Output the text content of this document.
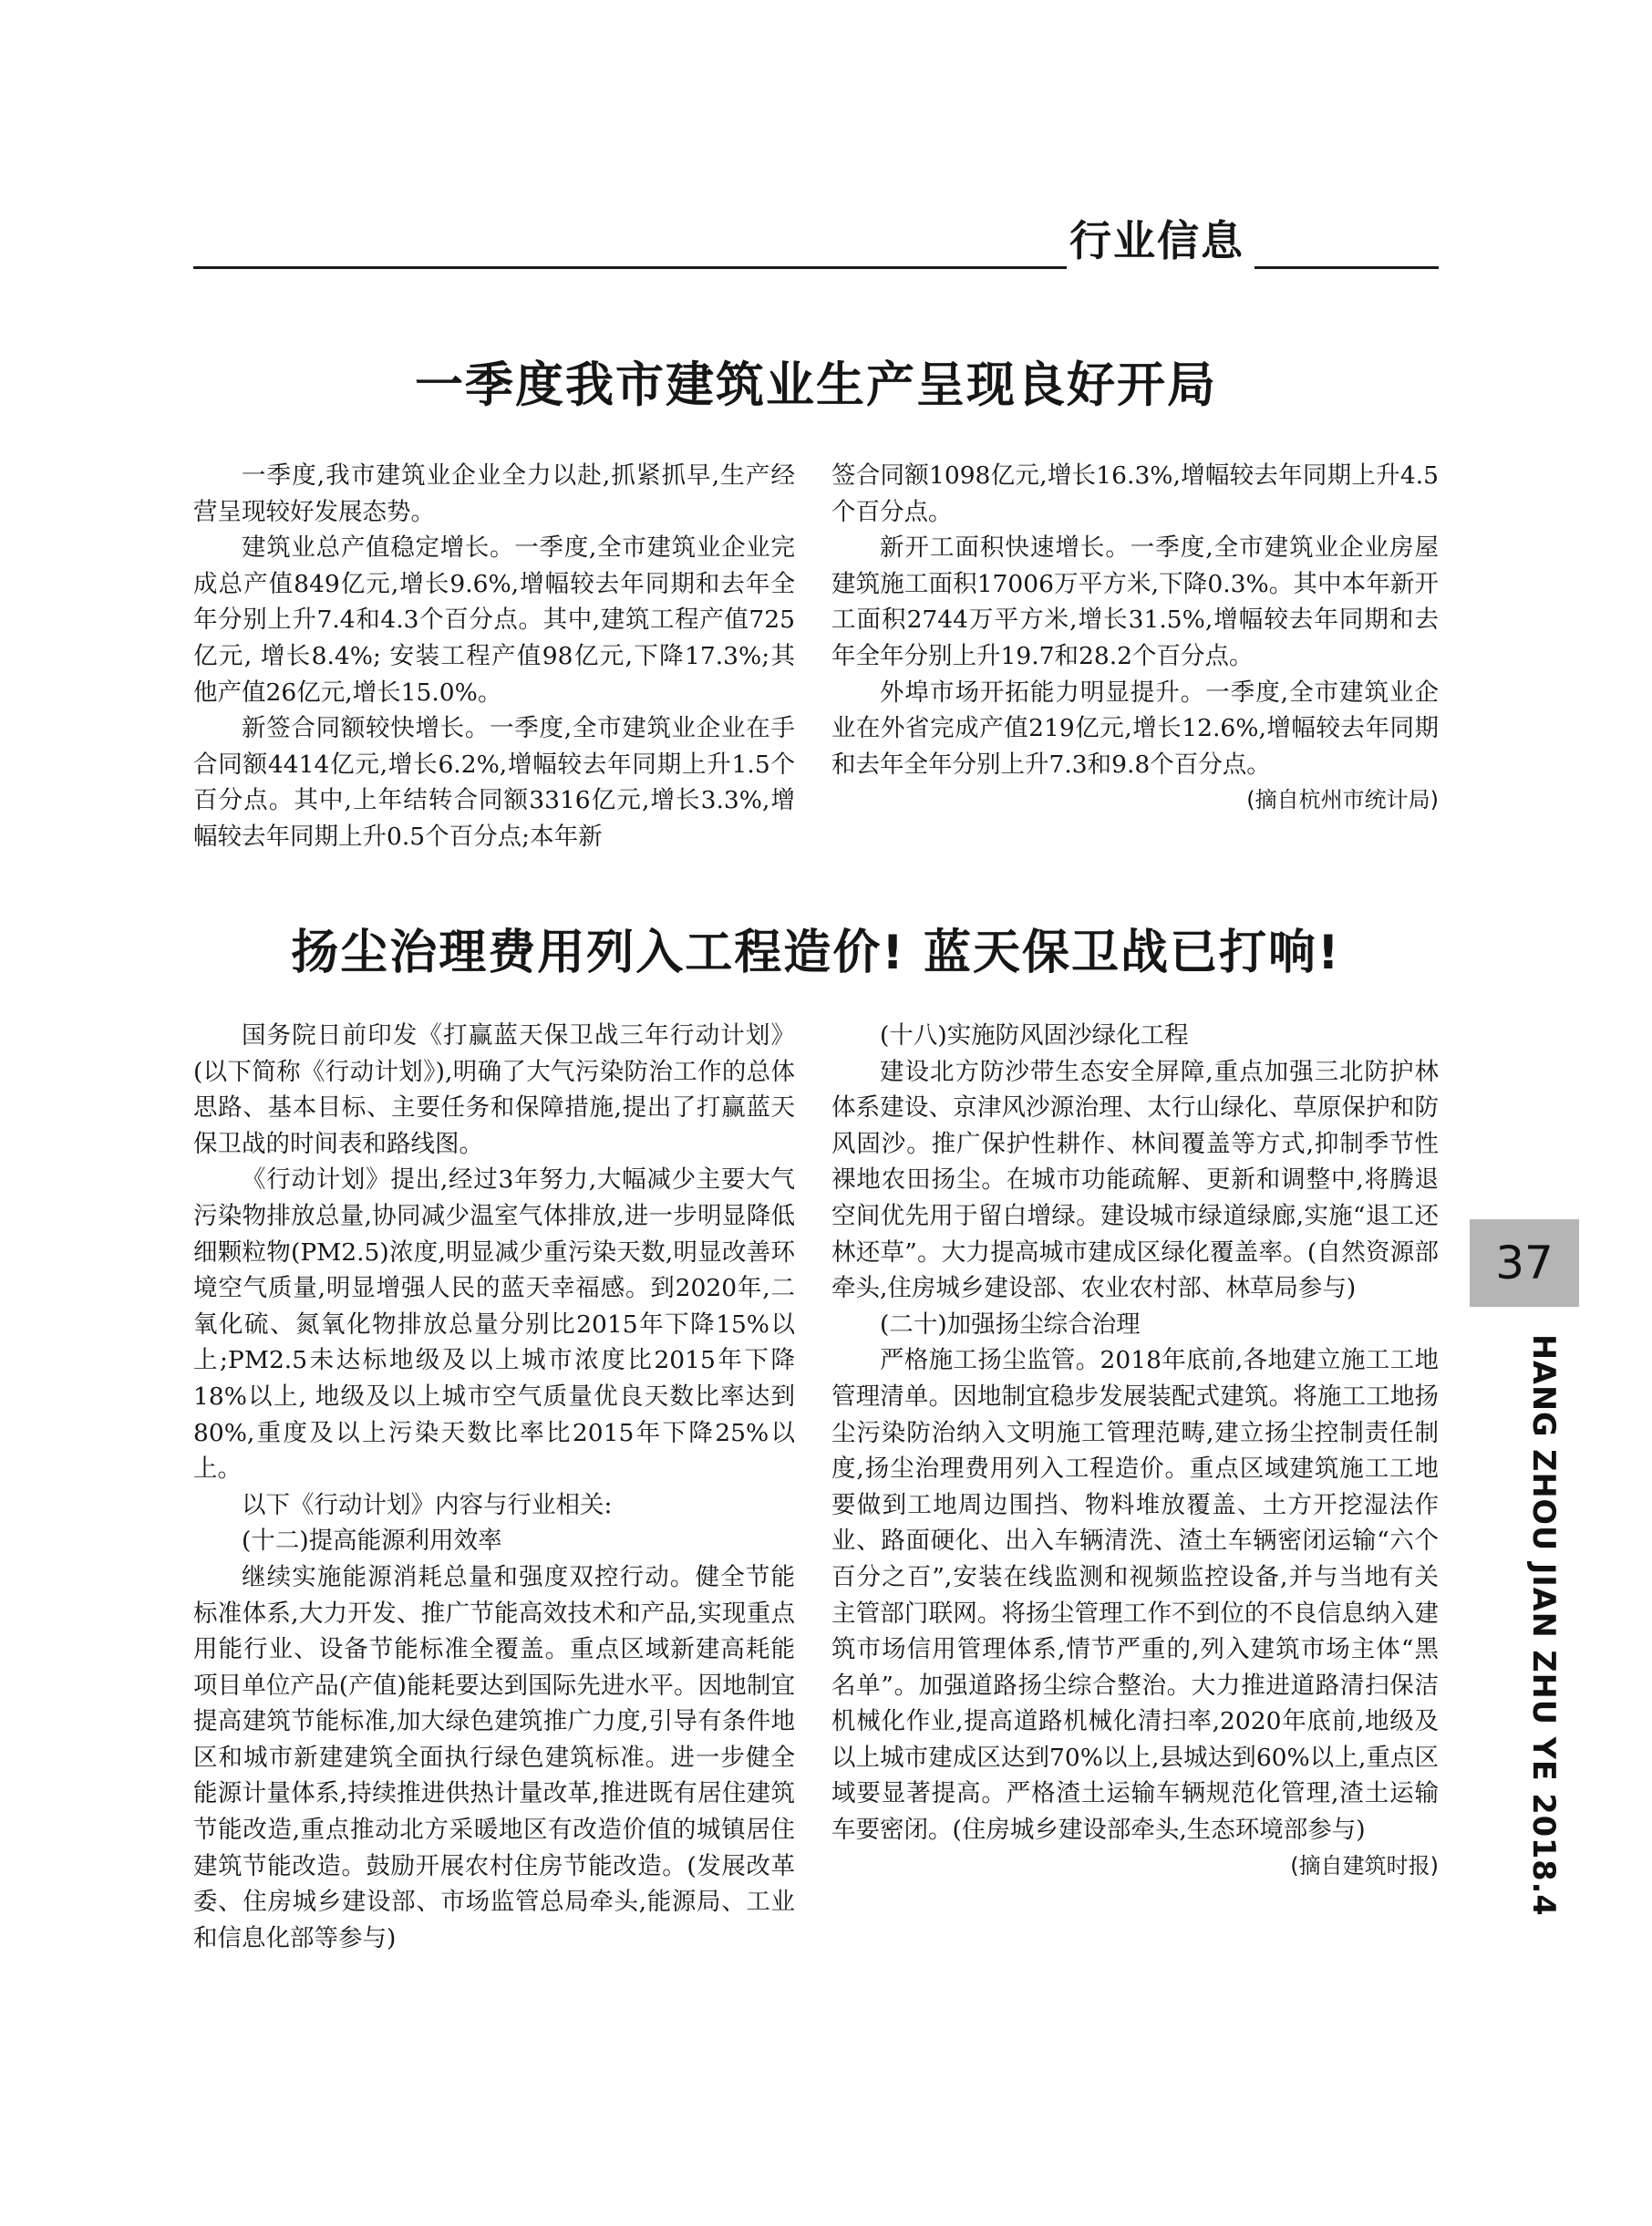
行业信息
一季度我市建筑业生产呈现良好开局

一季度,我市建筑业企业全力以赴,抓紧抓早,生产经营呈现较好发展态势。

建筑业总产值稳定增长。一季度,全市建筑业企业完成总产值849亿元,增长9.6%,增幅较去年同期和去年全年分别上升7.4和4.3个百分点。其中,建筑工程产值725亿元, 增长8.4%; 安装工程产值98亿元,下降17.3%;其他产值26亿元,增长15.0%。

新签合同额较快增长。一季度,全市建筑业企业在手合同额4414亿元,增长6.2%,增幅较去年同期上升1.5个百分点。其中,上年结转合同额3316亿元,增长3.3%,增幅较去年同期上升0.5个百分点;本年新

签合同额1098亿元,增长16.3%,增幅较去年同期上升4.5个百分点。

新开工面积快速增长。一季度,全市建筑业企业房屋建筑施工面积17006万平方米,下降0.3%。其中本年新开工面积2744万平方米,增长31.5%,增幅较去年同期和去年全年分别上升19.7和28.2个百分点。

外埠市场开拓能力明显提升。一季度,全市建筑业企业在外省完成产值219亿元,增长12.6%,增幅较去年同期和去年全年分别上升7.3和9.8个百分点。

(摘自杭州市统计局)

扬尘治理费用列入工程造价! 蓝天保卫战已打响!

国务院日前印发《打赢蓝天保卫战三年行动计划》(以下简称《行动计划》),明确了大气污染防治工作的总体思路、基本目标、主要任务和保障措施,提出了打赢蓝天保卫战的时间表和路线图。

《行动计划》提出,经过3年努力,大幅减少主要大气污染物排放总量,协同减少温室气体排放,进一步明显降低细颗粒物(PM2.5)浓度,明显减少重污染天数,明显改善环境空气质量,明显增强人民的蓝天幸福感。到2020年,二氧化硫、氮氧化物排放总量分别比2015年下降15%以上;PM2.5未达标地级及以上城市浓度比2015年下降18%以上, 地级及以上城市空气质量优良天数比率达到80%,重度及以上污染天数比率比2015年下降25%以上。

以下《行动计划》内容与行业相关:

(十二)提高能源利用效率

继续实施能源消耗总量和强度双控行动。健全节能标准体系,大力开发、推广节能高效技术和产品,实现重点用能行业、设备节能标准全覆盖。重点区域新建高耗能项目单位产品(产值)能耗要达到国际先进水平。因地制宜提高建筑节能标准,加大绿色建筑推广力度,引导有条件地区和城市新建建筑全面执行绿色建筑标准。进一步健全能源计量体系,持续推进供热计量改革,推进既有居住建筑节能改造,重点推动北方采暖地区有改造价值的城镇居住建筑节能改造。鼓励开展农村住房节能改造。(发展改革委、住房城乡建设部、市场监管总局牵头,能源局、工业和信息化部等参与)

(十八)实施防风固沙绿化工程

建设北方防沙带生态安全屏障,重点加强三北防护林体系建设、京津风沙源治理、太行山绿化、草原保护和防风固沙。推广保护性耕作、林间覆盖等方式,抑制季节性裸地农田扬尘。在城市功能疏解、更新和调整中,将腾退空间优先用于留白增绿。建设城市绿道绿廊,实施“退工还林还草”。大力提高城市建成区绿化覆盖率。(自然资源部牵头,住房城乡建设部、农业农村部、林草局参与)

(二十)加强扬尘综合治理

严格施工扬尘监管。2018年底前,各地建立施工工地管理清单。因地制宜稳步发展装配式建筑。将施工工地扬尘污染防治纳入文明施工管理范畴,建立扬尘控制责任制度,扬尘治理费用列入工程造价。重点区域建筑施工工地要做到工地周边围挡、物料堆放覆盖、土方开挖湿法作业、路面硬化、出入车辆清洗、渣土车辆密闭运输“六个百分之百”,安装在线监测和视频监控设备,并与当地有关主管部门联网。将扬尘管理工作不到位的不良信息纳入建筑市场信用管理体系,情节严重的,列入建筑市场主体“黑名单”。加强道路扬尘综合整治。大力推进道路清扫保洁机械化作业,提高道路机械化清扫率,2020年底前,地级及以上城市建成区达到70%以上,县城达到60%以上,重点区域要显著提高。严格渣土运输车辆规范化管理,渣土运输车要密闭。(住房城乡建设部牵头,生态环境部参与)

(摘自建筑时报)

37
HANG ZHOU JIAN ZHU YE 2018.4
